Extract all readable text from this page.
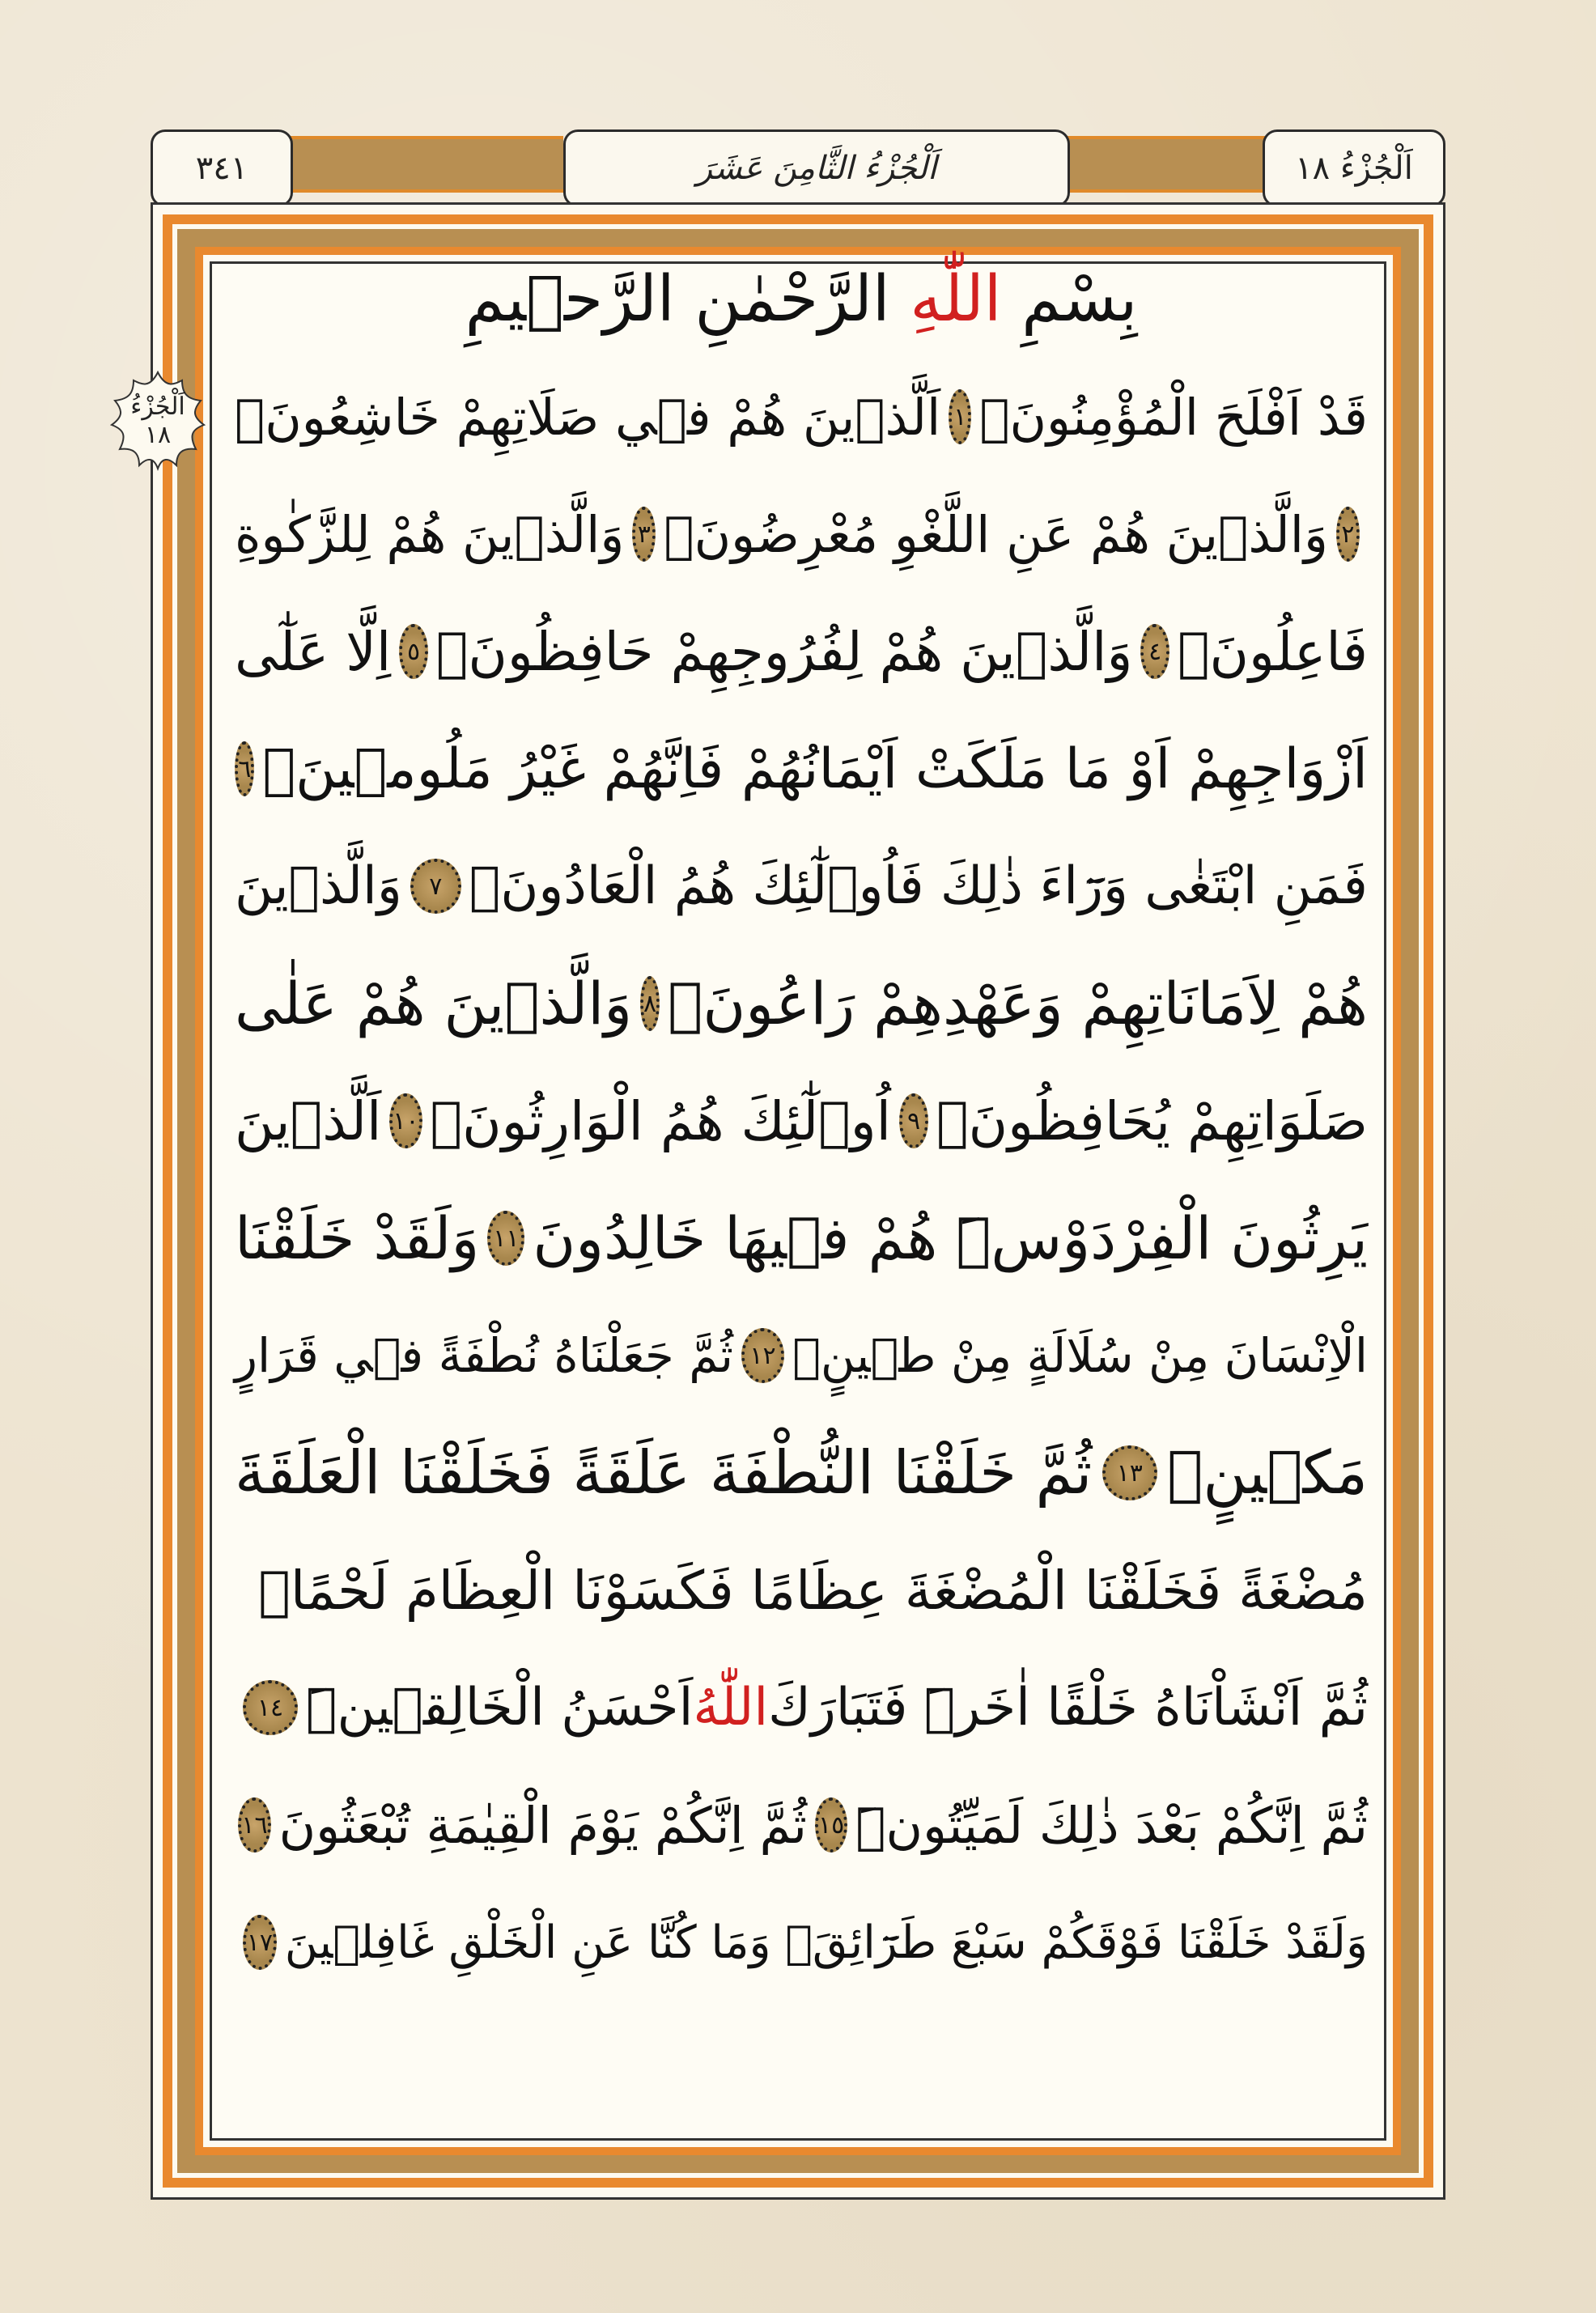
٣٤١	اَلْجُزْءُ الثَّامِنَ عَشَرَ	اَلْجُزْءُ ١٨
اَلْجُزْءُ
١٨
بِسْمِ

اللّٰهِ

الرَّحْمٰنِ الرَّح۪يمِ
قَدْ اَفْلَحَ الْمُؤْمِنُونَۙ
١
اَلَّذ۪ينَ هُمْ ف۪ي صَلَاتِهِمْ خَاشِعُونَۙ
٢
وَالَّذ۪ينَ هُمْ عَنِ اللَّغْوِ مُعْرِضُونَۙ
٣
وَالَّذ۪ينَ هُمْ لِلزَّكٰوةِ
فَاعِلُونَۙ
٤
وَالَّذ۪ينَ هُمْ لِفُرُوجِهِمْ حَافِظُونَۙ
٥
اِلَّا عَلٰٓى
اَزْوَاجِهِمْ اَوْ مَا مَلَكَتْ اَيْمَانُهُمْ فَاِنَّهُمْ غَيْرُ مَلُوم۪ينَۚ
٦
فَمَنِ ابْتَغٰى وَرَٓاءَ ذٰلِكَ فَاُو۬لٰٓئِكَ هُمُ الْعَادُونَۚ
٧
وَالَّذ۪ينَ
هُمْ لِاَمَانَاتِهِمْ وَعَهْدِهِمْ رَاعُونَۙ
٨
وَالَّذ۪ينَ هُمْ عَلٰى
صَلَوَاتِهِمْ يُحَافِظُونَۢ
٩
اُو۬لٰٓئِكَ هُمُ الْوَارِثُونَۙ
١٠
اَلَّذ۪ينَ
يَرِثُونَ الْفِرْدَوْسَۜ هُمْ ف۪يهَا خَالِدُونَ
١١
وَلَقَدْ خَلَقْنَا
الْاِنْسَانَ مِنْ سُلَالَةٍ مِنْ ط۪ينٍۚ
١٢
ثُمَّ جَعَلْنَاهُ نُطْفَةً ف۪ي قَرَارٍ
مَك۪ينٍۖ
١٣
ثُمَّ خَلَقْنَا النُّطْفَةَ عَلَقَةً فَخَلَقْنَا الْعَلَقَةَ
مُضْغَةً فَخَلَقْنَا الْمُضْغَةَ عِظَامًا فَكَسَوْنَا الْعِظَامَ لَحْمًاۗ
ثُمَّ اَنْشَاْنَاهُ خَلْقًا اٰخَرَۜ فَتَبَارَكَ
اللّٰهُ
اَحْسَنُ الْخَالِق۪ينَۜ
١٤
ثُمَّ اِنَّكُمْ بَعْدَ ذٰلِكَ لَمَيِّتُونَۜ
١٥
ثُمَّ اِنَّكُمْ يَوْمَ الْقِيٰمَةِ تُبْعَثُونَ
١٦
وَلَقَدْ خَلَقْنَا فَوْقَكُمْ سَبْعَ طَرَٓائِقَۗ وَمَا كُنَّا عَنِ الْخَلْقِ غَافِل۪ينَ
١٧
